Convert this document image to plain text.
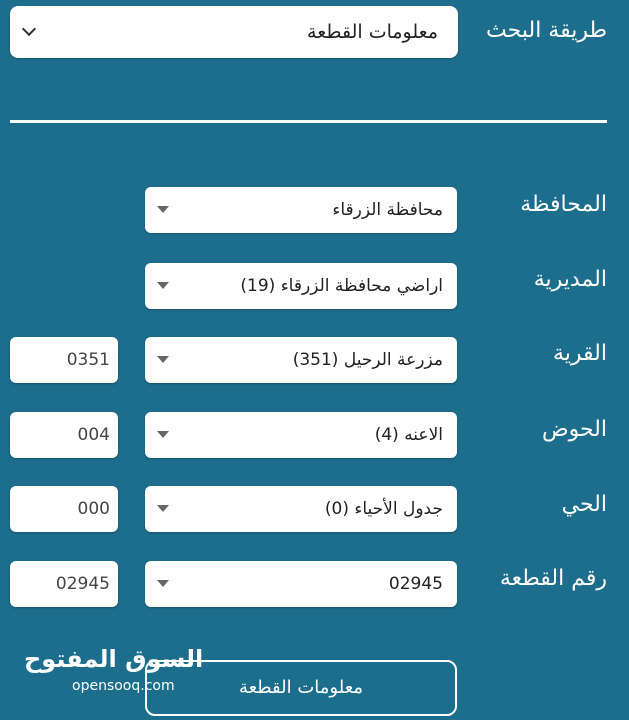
طريقة البحث
معلومات القطعة
المحافظة
محافظة الزرقاء
المديرية
اراضي محافظة الزرقاء (19)
القرية
مزرعة الرحيل (351)
0351
الحوض
الاعنه (4)
004
الحي
جدول الأحياء (0)
000
رقم القطعة
02945
02945
معلومات القطعة
السوق المفتوح
opensooq.com
